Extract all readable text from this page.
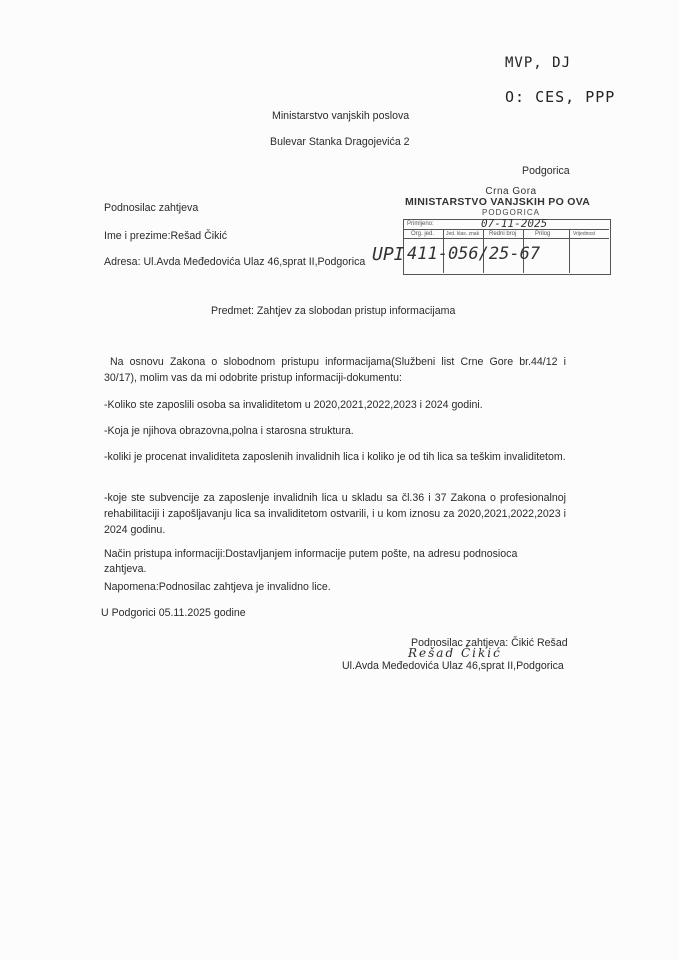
MVP, DJ
O: CES, PPP
Ministarstvo vanjskih poslova
Bulevar Stanka Dragojevića 2
Podgorica
Crna Gora
MINISTARSTVO VANJSKIH PO OVA
PODGORICA
Primljeno:	07-11-2025
Org. jed. Jed. klas. znak Redni broj	Prilog	Vrijednost
411-056/25-67
UPI
Podnosilac zahtjeva
Ime i prezime:Rešad Čikić
Adresa: Ul.Avda Međedovića Ulaz 46,sprat II,Podgorica
Predmet: Zahtjev za slobodan pristup informacijama
Na osnovu Zakona o slobodnom pristupu informacijama(Službeni list Crne Gore br.44/12 i 30/17), molim vas da mi odobrite pristup informaciji-dokumentu:
-Koliko ste zaposlili osoba sa invaliditetom u 2020,2021,2022,2023 i 2024 godini.
-Koja je njihova obrazovna,polna i starosna struktura.
-koliki je procenat invaliditeta zaposlenih invalidnih lica i koliko je od tih lica sa teškim invaliditetom.
-koje ste subvencije za zaposlenje invalidnih lica u skladu sa čl.36 i 37 Zakona o profesionalnoj rehabilitaciji i zapošljavanju lica sa invaliditetom ostvarili, i u kom iznosu za 2020,2021,2022,2023 i 2024 godinu.
Način pristupa informaciji:Dostavljanjem informacije putem pošte, na adresu podnosioca zahtjeva.
Napomena:Podnosilac zahtjeva je invalidno lice.
U Podgorici 05.11.2025 godine
Podnosilac zahtjeva: Čikić Rešad
Rešad Čikić
Ul.Avda Međedovića Ulaz 46,sprat II,Podgorica
